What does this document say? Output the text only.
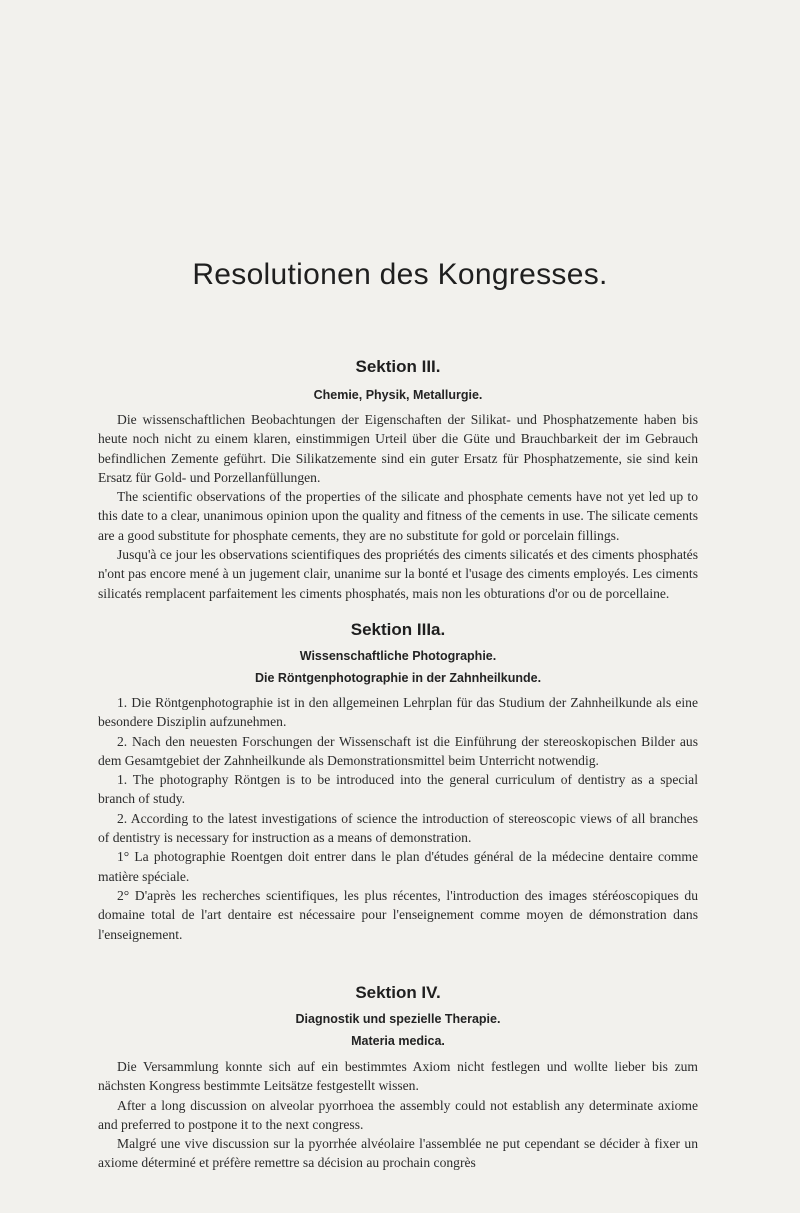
Resolutionen des Kongresses.
Sektion III.
Chemie, Physik, Metallurgie.

Die wissenschaftlichen Beobachtungen der Eigenschaften der Silikat- und Phosphatzemente haben bis heute noch nicht zu einem klaren, einstimmigen Urteil über die Güte und Brauchbarkeit der im Gebrauch befindlichen Zemente geführt. Die Silikatzemente sind ein guter Ersatz für Phosphatzemente, sie sind kein Ersatz für Gold- und Porzellanfüllungen.

The scientific observations of the properties of the silicate and phosphate cements have not yet led up to this date to a clear, unanimous opinion upon the quality and fitness of the cements in use. The silicate cements are a good substitute for phosphate cements, they are no substitute for gold or porcelain fillings.

Jusqu'à ce jour les observations scientifiques des propriétés des ciments silicatés et des ciments phosphatés n'ont pas encore mené à un jugement clair, unanime sur la bonté et l'usage des ciments employés. Les ciments silicatés remplacent parfaitement les ciments phosphatés, mais non les obturations d'or ou de porcellaine.

Sektion IIIa.
Wissenschaftliche Photographie.
Die Röntgenphotographie in der Zahnheilkunde.

1. Die Röntgenphotographie ist in den allgemeinen Lehrplan für das Studium der Zahnheilkunde als eine besondere Disziplin aufzunehmen.

2. Nach den neuesten Forschungen der Wissenschaft ist die Einführung der stereoskopischen Bilder aus dem Gesamtgebiet der Zahnheilkunde als Demonstrationsmittel beim Unterricht notwendig.

1. The photography Röntgen is to be introduced into the general curriculum of dentistry as a special branch of study.

2. According to the latest investigations of science the introduction of stereoscopic views of all branches of dentistry is necessary for instruction as a means of demonstration.

1° La photographie Roentgen doit entrer dans le plan d'études général de la médecine dentaire comme matière spéciale.

2° D'après les recherches scientifiques, les plus récentes, l'introduction des images stéréoscopiques du domaine total de l'art dentaire est nécessaire pour l'enseignement comme moyen de démonstration dans l'enseignement.

Sektion IV.
Diagnostik und spezielle Therapie.
Materia medica.

Die Versammlung konnte sich auf ein bestimmtes Axiom nicht festlegen und wollte lieber bis zum nächsten Kongress bestimmte Leitsätze festgestellt wissen.

After a long discussion on alveolar pyorrhoea the assembly could not establish any determinate axiome and preferred to postpone it to the next congress.

Malgré une vive discussion sur la pyorrhée alvéolaire l'assemblée ne put cependant se décider à fixer un axiome déterminé et préfère remettre sa décision au prochain congrès
